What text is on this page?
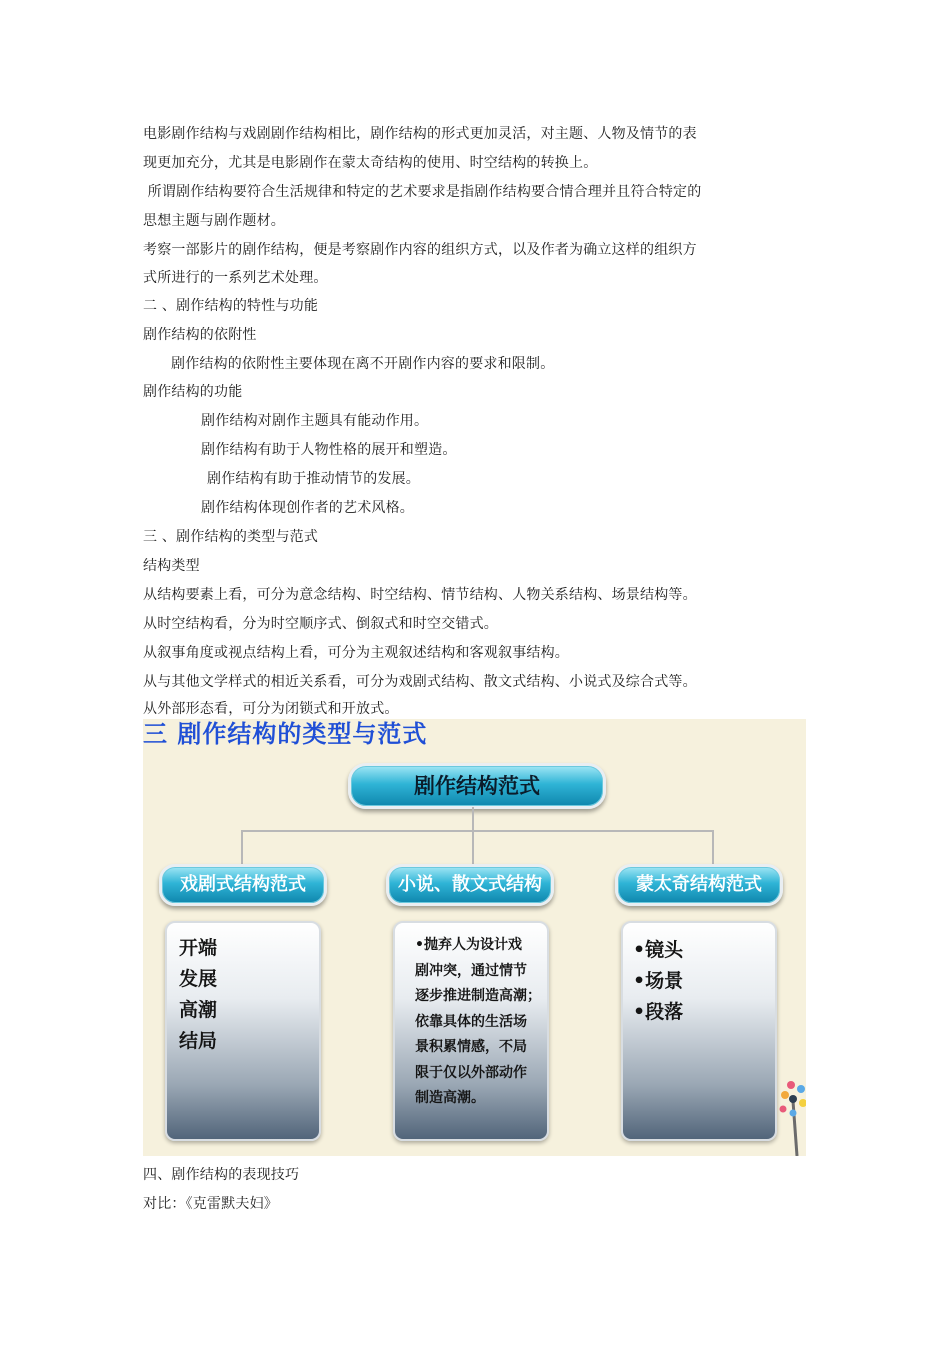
电影剧作结构与戏剧剧作结构相比，剧作结构的形式更加灵活，对主题、人物及情节的表
现更加充分，尤其是电影剧作在蒙太奇结构的使用、时空结构的转换上。
所谓剧作结构要符合生活规律和特定的艺术要求是指剧作结构要合情合理并且符合特定的
思想主题与剧作题材。
考察一部影片的剧作结构，便是考察剧作内容的组织方式，以及作者为确立这样的组织方
式所进行的一系列艺术处理。
二 、剧作结构的特性与功能
剧作结构的依附性
剧作结构的依附性主要体现在离不开剧作内容的要求和限制。
剧作结构的功能
剧作结构对剧作主题具有能动作用。
剧作结构有助于人物性格的展开和塑造。
剧作结构有助于推动情节的发展。
剧作结构体现创作者的艺术风格。
三 、剧作结构的类型与范式
结构类型
从结构要素上看，可分为意念结构、时空结构、情节结构、人物关系结构、场景结构等。
从时空结构看，分为时空顺序式、倒叙式和时空交错式。
从叙事角度或视点结构上看，可分为主观叙述结构和客观叙事结构。
从与其他文学样式的相近关系看，可分为戏剧式结构、散文式结构、小说式及综合式等。
从外部形态看，可分为闭锁式和开放式。
三 剧作结构的类型与范式
剧作结构范式
戏剧式结构范式	小说、散文式结构	蒙太奇结构范式
开端
发展
高潮
结局
•抛弃人为设计戏
剧冲突，通过情节
逐步推进制造高潮；
依靠具体的生活场
景积累情感，不局
限于仅以外部动作
制造高潮。
•镜头
•场景
•段落
四、剧作结构的表现技巧
对比：《克雷默夫妇》
